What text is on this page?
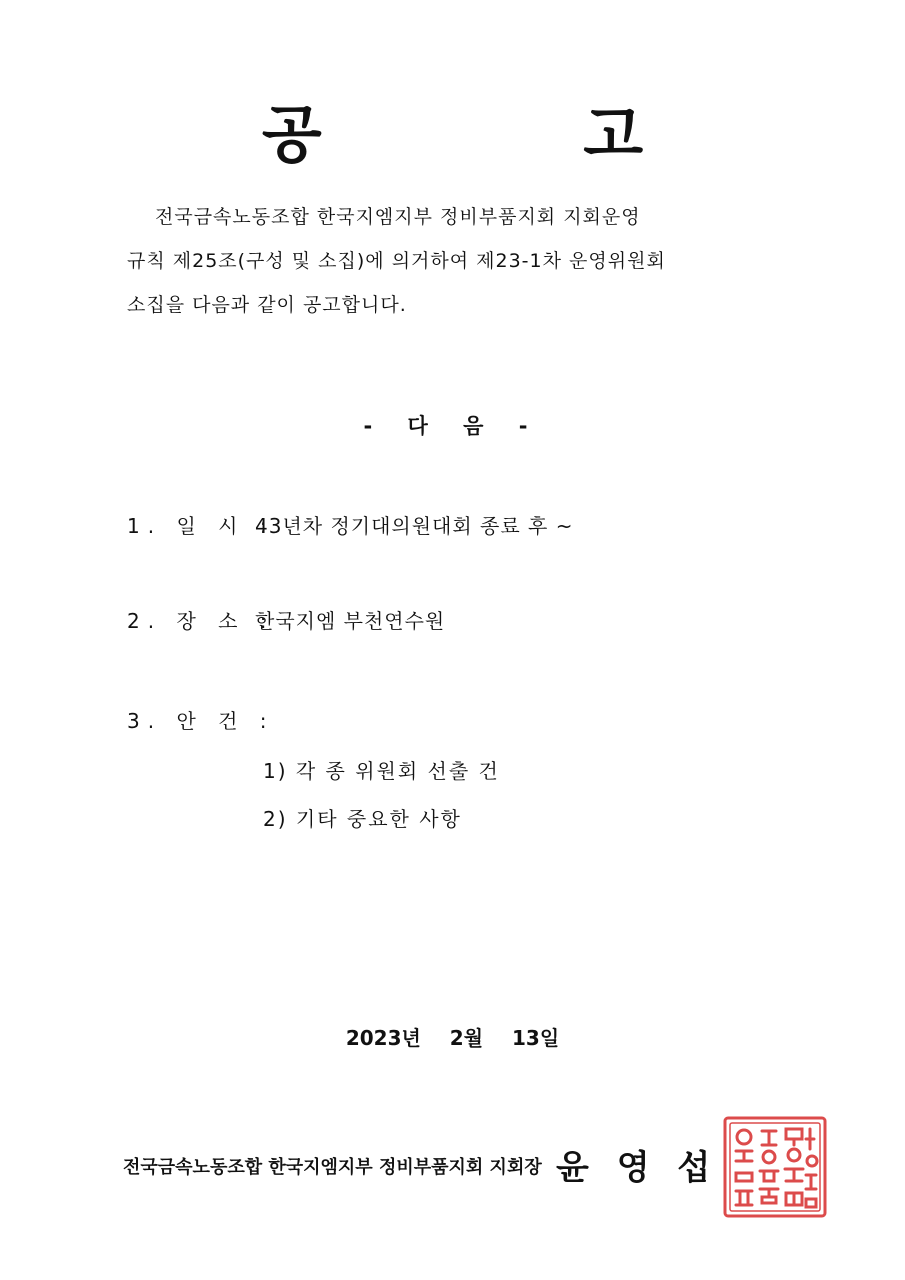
공 고
전국금속노동조합 한국지엠지부 정비부품지회 지회운영
규칙 제25조(구성 및 소집)에 의거하여 제23-1차 운영위원회
소집을 다음과 같이 공고합니다.
- 다 음 -
1. 일 시 :43년차 정기대의원대회 종료 후 ~
2. 장 소 :한국지엠 부천연수원
3. 안 건 :
1) 각 종 위원회 선출 건
2) 기타 중요한 사항
2023년 2월 13일
전국금속노동조합 한국지엠지부 정비부품지회 지회장 윤 영 섭
